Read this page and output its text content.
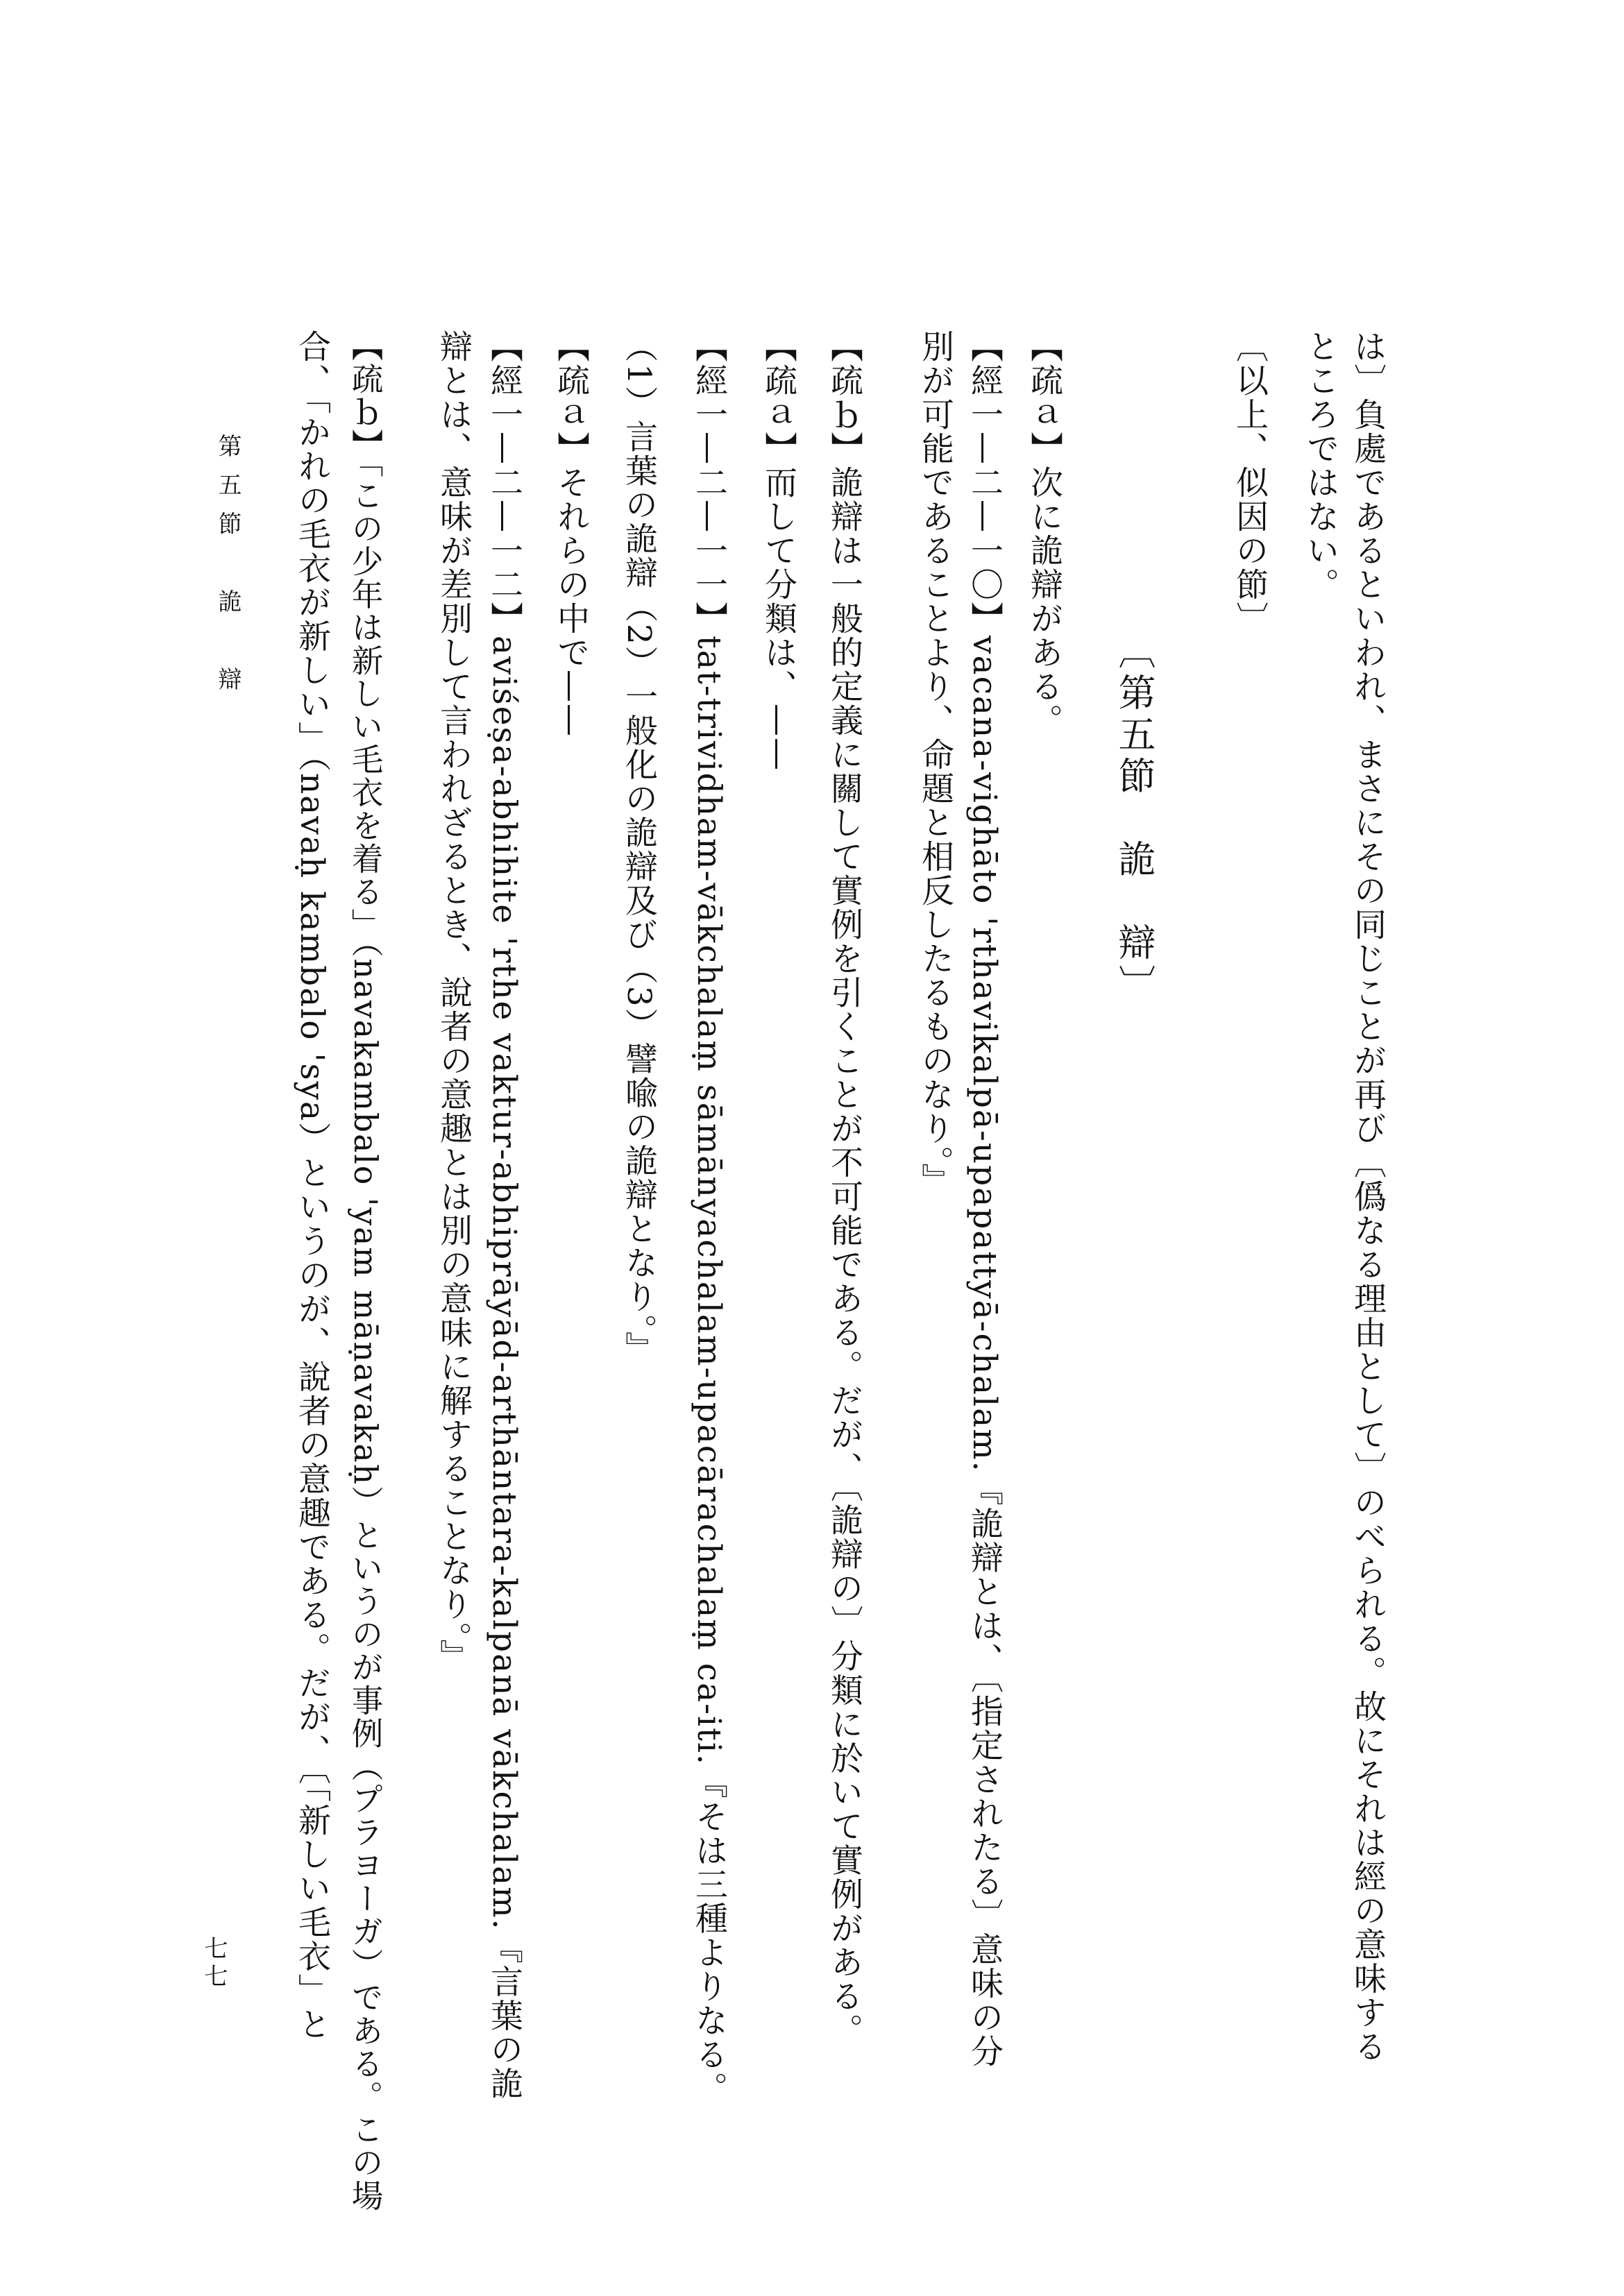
は〕負處であるといわれ、まさにその同じことが再び〔僞なる理由として〕のべられる。故にそれは經の意味する
ところではない。
〔以上、似因の節〕
〔第五節　詭　辯〕
【疏ａ】次に詭辯がある。
【經一—二—一〇】vacana-vighāto 'rthavikalpā-upapattyā-chalam.『詭辯とは、〔指定されたる〕意味の分
別が可能であることより、命題と相反したるものなり。』
【疏ｂ】詭辯は一般的定義に關して實例を引くことが不可能である。だが、〔詭辯の〕分類に於いて實例がある。
【疏ａ】而して分類は、——
【經一—二—一一】tat-trividham-vākchalaṃ sāmānyachalam-upacārachalaṃ ca-iti.『そは三種よりなる。
（1）言葉の詭辯（2）一般化の詭辯及び（3）譬喩の詭辯となり。』
【疏ａ】それらの中で——
【經一—二—一二】aviśeṣa-abhihite 'rthe vaktur-abhiprāyād-arthāntara-kalpanā vākchalam.『言葉の詭
辯とは、意味が差別して言われざるとき、說者の意趣とは別の意味に解することなり。』
【疏ｂ】「この少年は新しい毛衣を着る」（navakambalo 'yam māṇavakaḥ）というのが事例（プラヨーガ）である。この場
合、「かれの毛衣が新しい」（navaḥ kambalo 'sya）というのが、說者の意趣である。だが、〔「新しい毛衣」と
第五節　詭　辯
七七
